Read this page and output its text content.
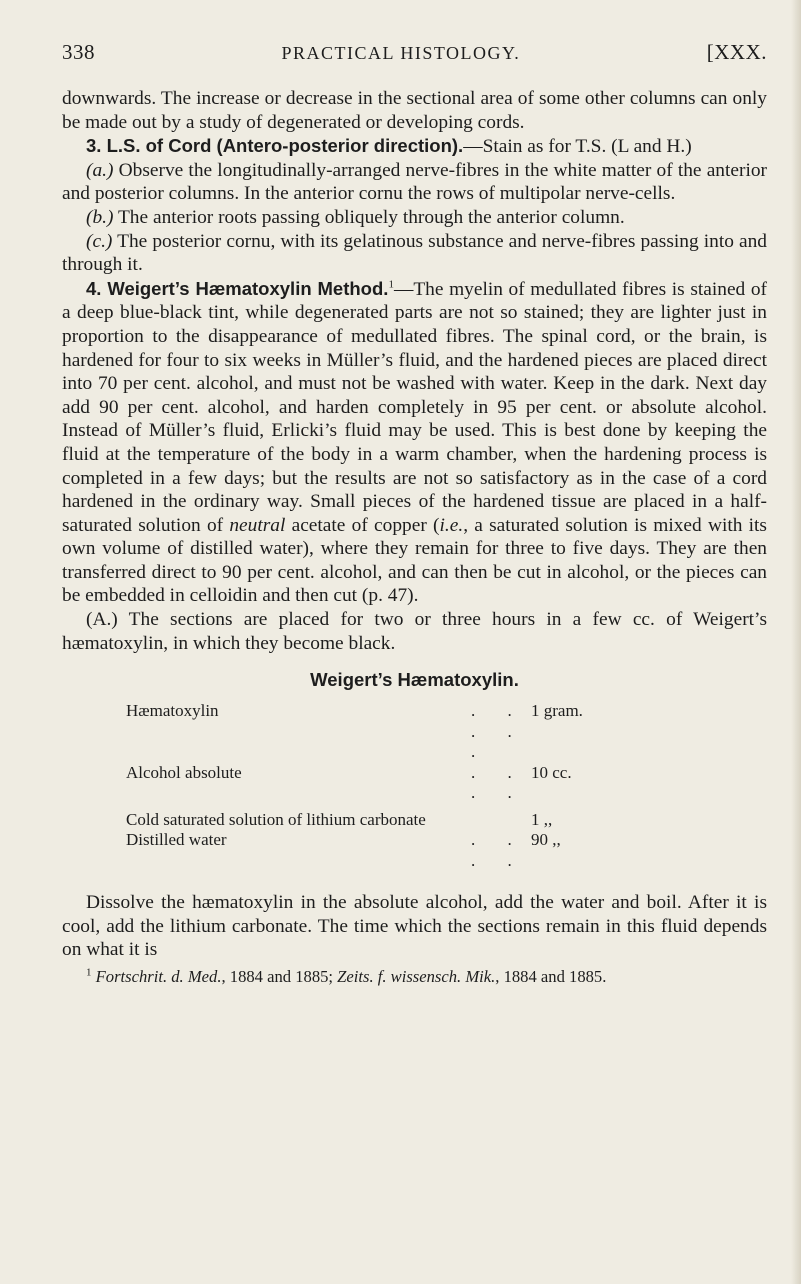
338	PRACTICAL HISTOLOGY.	[XXX.

downwards. The increase or decrease in the sectional area of some other columns can only be made out by a study of degenerated or developing cords.

3. L.S. of Cord (Antero-posterior direction).—Stain as for T.S. (L and H.)

(a.) Observe the longitudinally-arranged nerve-fibres in the white matter of the anterior and posterior columns. In the anterior cornu the rows of multipolar nerve-cells.

(b.) The anterior roots passing obliquely through the anterior column.

(c.) The posterior cornu, with its gelatinous substance and nerve-fibres passing into and through it.

4. Weigert’s Hæmatoxylin Method.$^1$—The myelin of medullated fibres is stained of a deep blue-black tint, while degenerated parts are not so stained; they are lighter just in proportion to the disappearance of medullated fibres. The spinal cord, or the brain, is hardened for four to six weeks in Müller’s fluid, and the hardened pieces are placed direct into 70 per cent. alcohol, and must not be washed with water. Keep in the dark. Next day add 90 per cent. alcohol, and harden completely in 95 per cent. or absolute alcohol. Instead of Müller’s fluid, Erlicki’s fluid may be used. This is best done by keeping the fluid at the temperature of the body in a warm chamber, when the hardening process is completed in a few days; but the results are not so satisfactory as in the case of a cord hardened in the ordinary way. Small pieces of the hardened tissue are placed in a half-saturated solution of neutral acetate of copper (i.e., a saturated solution is mixed with its own volume of distilled water), where they remain for three to five days. They are then transferred direct to 90 per cent. alcohol, and can then be cut in alcohol, or the pieces can be embedded in celloidin and then cut (p. 47).

(A.) The sections are placed for two or three hours in a few cc. of Weigert’s hæmatoxylin, in which they become black.

Weigert’s Hæmatoxylin.
Hæmatoxylin	. . . . .	1 gram.
Alcohol absolute	. . . .	10 cc.

Cold saturated solution of lithium carbonate		1 ,,
Distilled water	. . . .	90 ,,

Dissolve the hæmatoxylin in the absolute alcohol, add the water and boil. After it is cool, add the lithium carbonate. The time which the sections remain in this fluid depends on what it is

$^1$ Fortschrit. d. Med., 1884 and 1885; Zeits. f. wissensch. Mik., 1884 and 1885.
